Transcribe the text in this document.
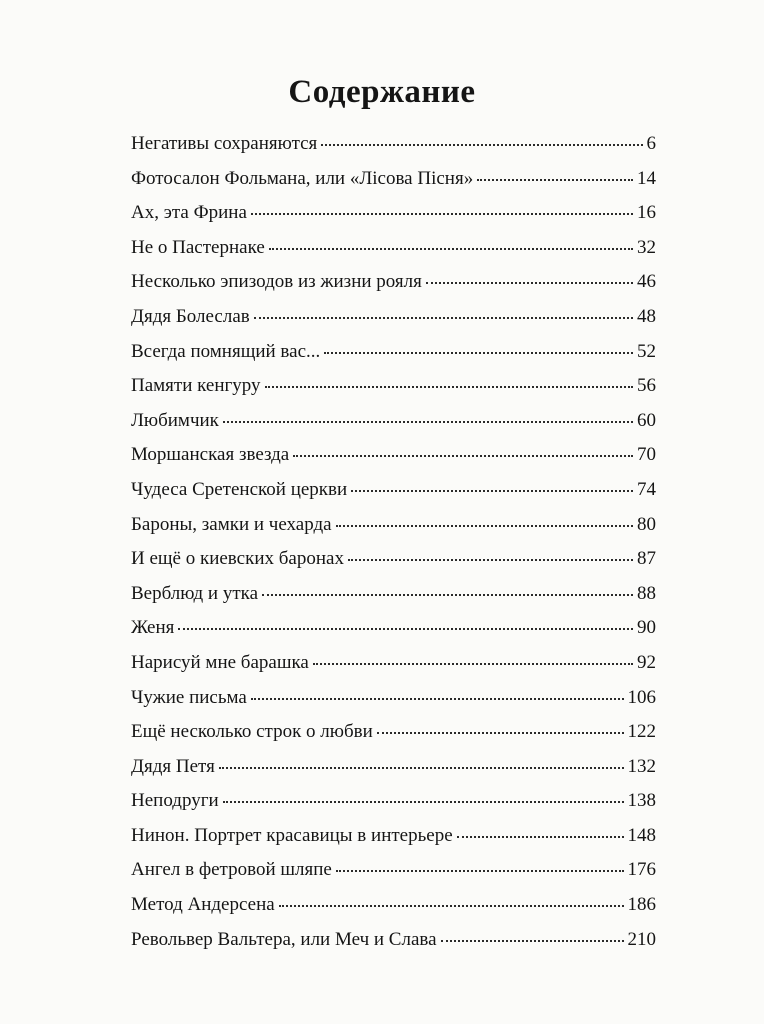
Содержание
Негативы сохраняются	6
Фотосалон Фольмана, или «Лісова Пісня»	14
Ах, эта Фрина	16
Не о Пастернаке	32
Несколько эпизодов из жизни рояля	46
Дядя Болеслав	48
Всегда помнящий вас...	52
Памяти кенгуру	56
Любимчик	60
Моршанская звезда	70
Чудеса Сретенской церкви	74
Бароны, замки и чехарда	80
И ещё о киевских баронах	87
Верблюд и утка	88
Женя	90
Нарисуй мне барашка	92
Чужие письма	106
Ещё несколько строк о любви	122
Дядя Петя	132
Неподруги	138
Нинон. Портрет красавицы в интерьере	148
Ангел в фетровой шляпе	176
Метод Андерсена	186
Револьвер Вальтера, или Меч и Слава	210
